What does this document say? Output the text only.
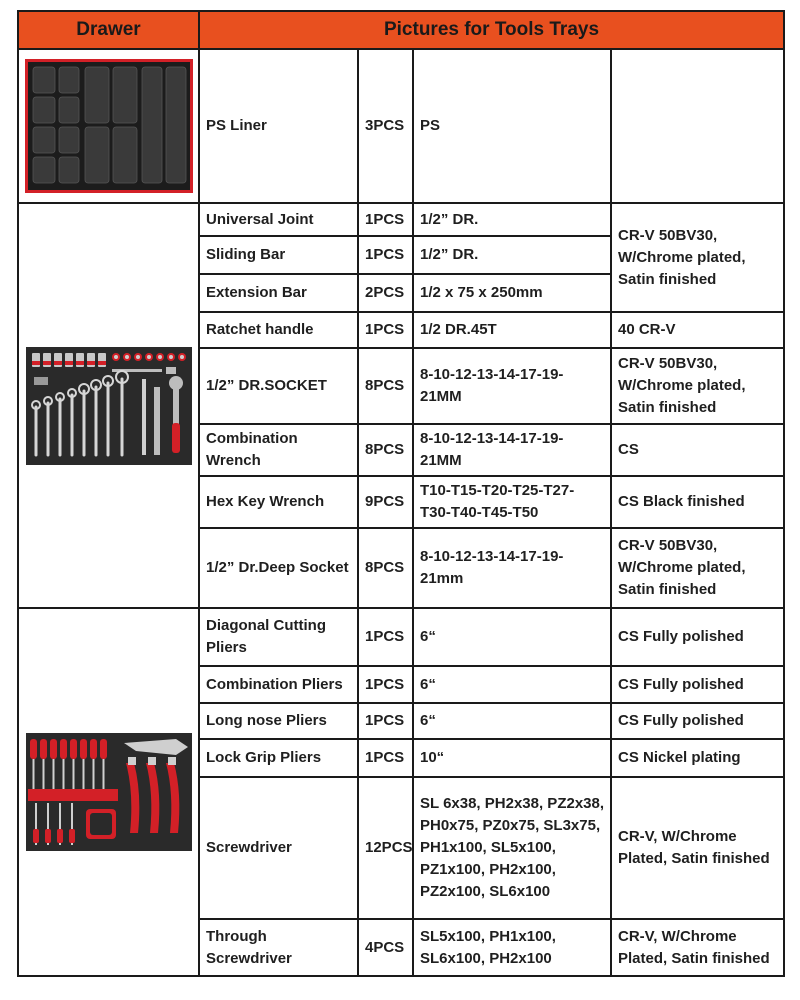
Drawer	Pictures for Tools Trays			

	PS Liner	3PCS	PS	

	Universal Joint	1PCS	1/2” DR.	CR-V 50BV30, W/Chrome plated, Satin finished
	Sliding Bar	1PCS	1/2” DR.	
	Extension Bar	2PCS	1/2 x 75 x 250mm	
	Ratchet handle	1PCS	1/2 DR.45T	40 CR-V
	1/2” DR.SOCKET	8PCS	8-10-12-13-14-17-19-21MM	CR-V 50BV30, W/Chrome plated, Satin finished
	Combination Wrench	8PCS	8-10-12-13-14-17-19-21MM	CS
	Hex Key Wrench	9PCS	T10-T15-T20-T25-T27-T30-T40-T45-T50	CS Black finished
	1/2” Dr.Deep Socket	8PCS	8-10-12-13-14-17-19-21mm	CR-V 50BV30, W/Chrome plated, Satin finished

	Diagonal Cutting Pliers	1PCS	6“	CS Fully polished
	Combination Pliers	1PCS	6“	CS Fully polished
	Long nose Pliers	1PCS	6“	CS Fully polished
	Lock Grip Pliers	1PCS	10“	CS Nickel plating
	Screwdriver	12PCS	SL 6x38, PH2x38, PZ2x38, PH0x75, PZ0x75, SL3x75, PH1x100, SL5x100, PZ1x100, PH2x100, PZ2x100, SL6x100	CR-V, W/Chrome Plated, Satin finished
	Through Screwdriver	4PCS	SL5x100, PH1x100, SL6x100, PH2x100	CR-V, W/Chrome Plated, Satin finished
